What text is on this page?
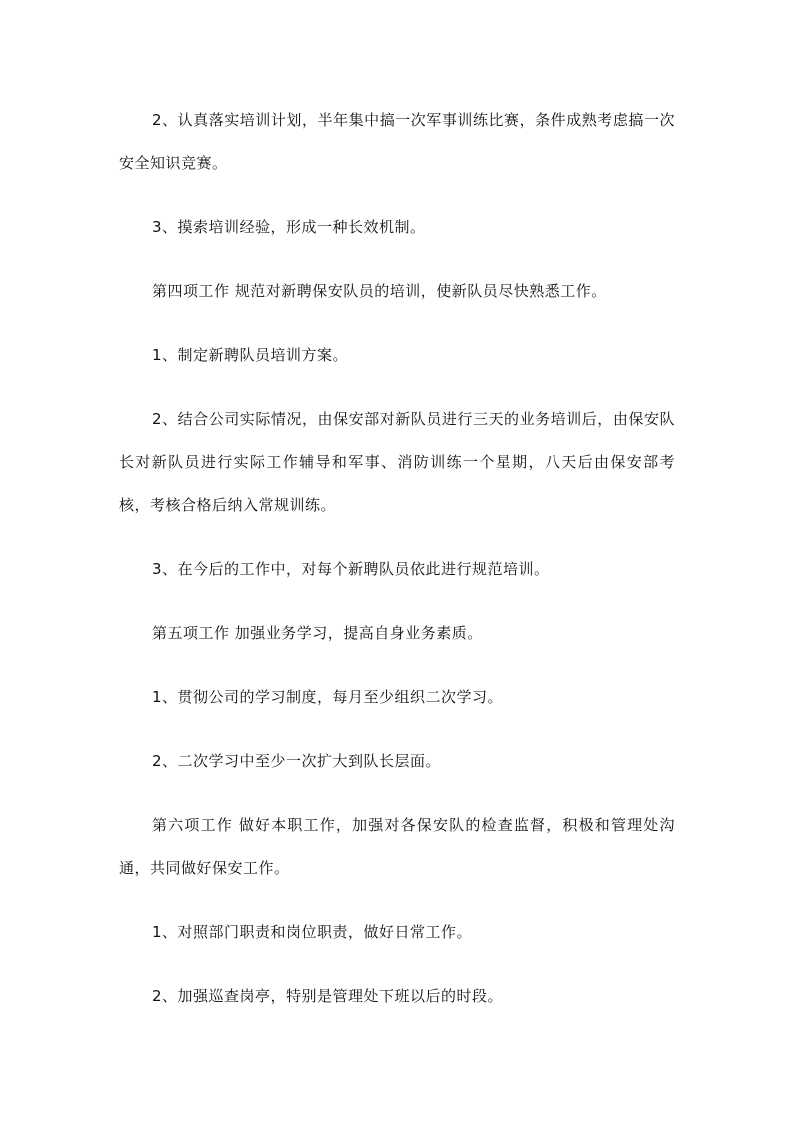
2、认真落实培训计划，半年集中搞一次军事训练比赛，条件成熟考虑搞一次安全知识竞赛。

3、摸索培训经验，形成一种长效机制。

第四项工作 规范对新聘保安队员的培训，使新队员尽快熟悉工作。

1、制定新聘队员培训方案。

2、结合公司实际情况，由保安部对新队员进行三天的业务培训后，由保安队长对新队员进行实际工作辅导和军事、消防训练一个星期，八天后由保安部考核，考核合格后纳入常规训练。

3、在今后的工作中，对每个新聘队员依此进行规范培训。

第五项工作 加强业务学习，提高自身业务素质。

1、贯彻公司的学习制度，每月至少组织二次学习。

2、二次学习中至少一次扩大到队长层面。

第六项工作 做好本职工作，加强对各保安队的检查监督，积极和管理处沟通，共同做好保安工作。

1、对照部门职责和岗位职责，做好日常工作。

2、加强巡查岗亭，特别是管理处下班以后的时段。
